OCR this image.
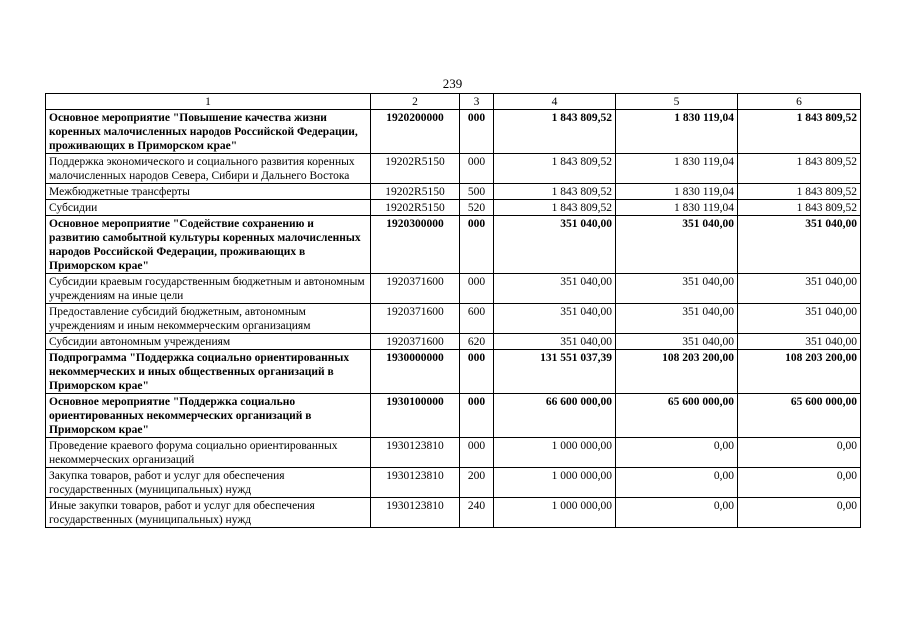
239
1	2	3	4	5	6
Основное мероприятие "Повышение качества жизни коренных малочисленных народов Российской Федерации, проживающих в Приморском крае"	1920200000	000	1 843 809,52	1 830 119,04	1 843 809,52
Поддержка экономического и социального развития коренных малочисленных народов Севера, Сибири и Дальнего Востока	19202R5150	000	1 843 809,52	1 830 119,04	1 843 809,52
Межбюджетные трансферты	19202R5150	500	1 843 809,52	1 830 119,04	1 843 809,52
Субсидии	19202R5150	520	1 843 809,52	1 830 119,04	1 843 809,52
Основное мероприятие "Содействие сохранению и развитию самобытной культуры коренных малочисленных народов Российской Федерации, проживающих в Приморском крае"	1920300000	000	351 040,00	351 040,00	351 040,00
Субсидии краевым государственным бюджетным и автономным учреждениям на иные цели	1920371600	000	351 040,00	351 040,00	351 040,00
Предоставление субсидий бюджетным, автономным учреждениям и иным некоммерческим организациям	1920371600	600	351 040,00	351 040,00	351 040,00
Субсидии автономным учреждениям	1920371600	620	351 040,00	351 040,00	351 040,00
Подпрограмма "Поддержка социально ориентированных некоммерческих и иных общественных организаций в Приморском крае"	1930000000	000	131 551 037,39	108 203 200,00	108 203 200,00
Основное мероприятие "Поддержка социально ориентированных некоммерческих организаций в Приморском крае"	1930100000	000	66 600 000,00	65 600 000,00	65 600 000,00
Проведение краевого форума социально ориентированных некоммерческих организаций	1930123810	000	1 000 000,00	0,00	0,00
Закупка товаров, работ и услуг для обеспечения государственных (муниципальных) нужд	1930123810	200	1 000 000,00	0,00	0,00
Иные закупки товаров, работ и услуг для обеспечения государственных (муниципальных) нужд	1930123810	240	1 000 000,00	0,00	0,00
